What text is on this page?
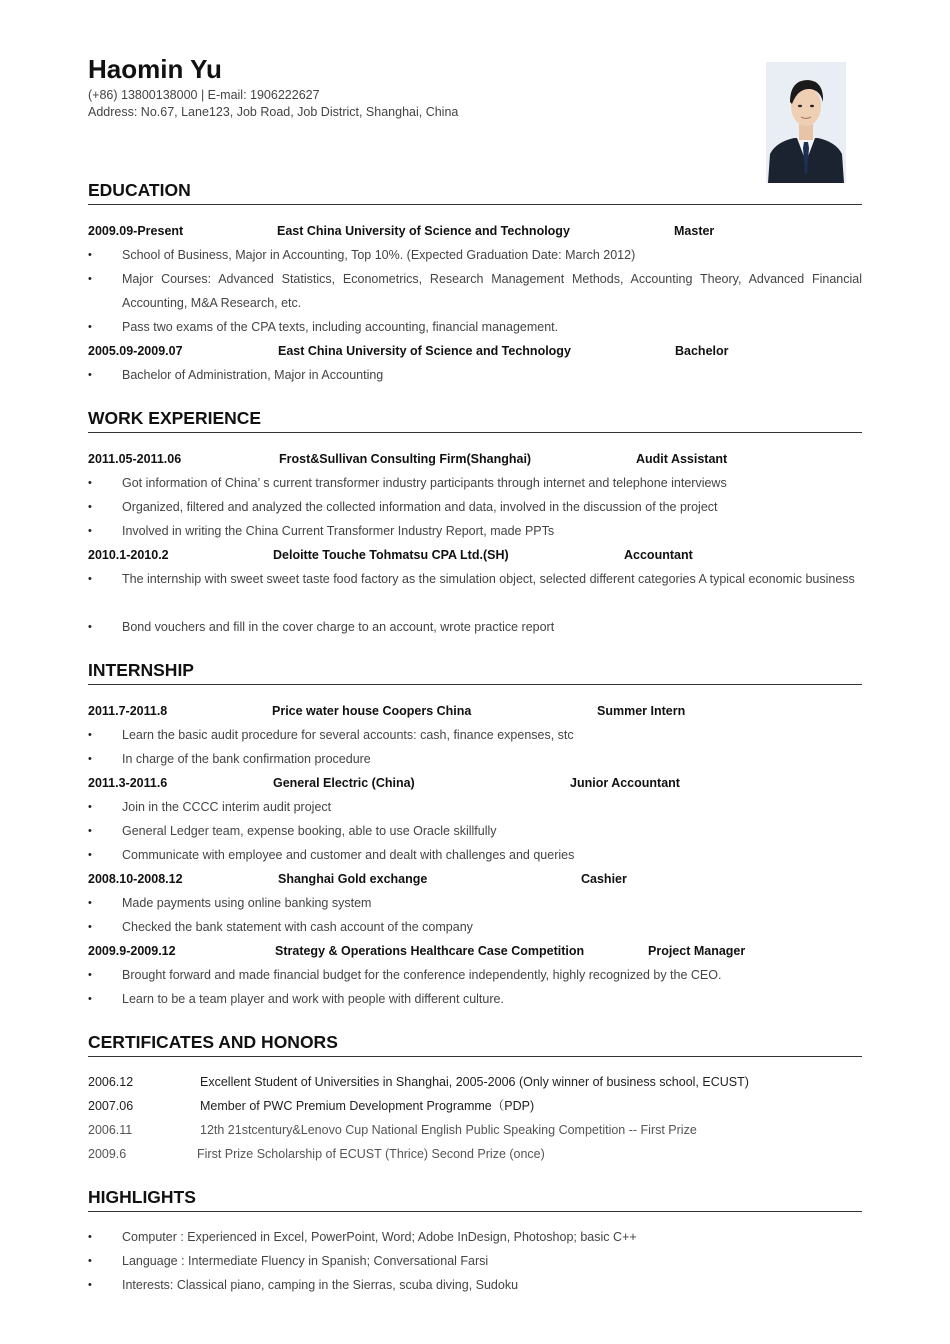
Haomin Yu
(+86) 13800138000 | E-mail: 1906222627
Address: No.67, Lane123, Job Road, Job District, Shanghai, China
EDUCATION
2009.09-Present	East China University of Science and Technology	Master
• School of Business, Major in Accounting, Top 10%. (Expected Graduation Date: March 2012)
• Major Courses: Advanced Statistics, Econometrics, Research Management Methods, Accounting Theory, Advanced Financial Accounting, M&A Research, etc.
• Pass two exams of the CPA texts, including accounting, financial management.
2005.09-2009.07	East China University of Science and Technology	Bachelor
• Bachelor of Administration, Major in Accounting
WORK EXPERIENCE
2011.05-2011.06	Frost&Sullivan Consulting Firm(Shanghai)	Audit Assistant
• Got information of China’ s current transformer industry participants through internet and telephone interviews
• Organized, filtered and analyzed the collected information and data, involved in the discussion of the project
• Involved in writing the China Current Transformer Industry Report, made PPTs
2010.1-2010.2	Deloitte Touche Tohmatsu CPA Ltd.(SH)	Accountant
• The internship with sweet sweet taste food factory as the simulation object, selected different categories A typical economic business
• Bond vouchers and fill in the cover charge to an account, wrote practice report
INTERNSHIP
2011.7-2011.8	Price water house Coopers China	Summer Intern
• Learn the basic audit procedure for several accounts: cash, finance expenses, stc
• In charge of the bank confirmation procedure
2011.3-2011.6	General Electric (China)	Junior Accountant
• Join in the CCCC interim audit project
• General Ledger team, expense booking, able to use Oracle skillfully
• Communicate with employee and customer and dealt with challenges and queries
2008.10-2008.12	Shanghai Gold exchange	Cashier
• Made payments using online banking system
• Checked the bank statement with cash account of the company
2009.9-2009.12	Strategy & Operations Healthcare Case Competition	Project Manager
• Brought forward and made financial budget for the conference independently, highly recognized by the CEO.
• Learn to be a team player and work with people with different culture.
CERTIFICATES AND HONORS
2006.12	Excellent Student of Universities in Shanghai, 2005-2006 (Only winner of business school, ECUST)
2007.06	Member of PWC Premium Development Programme（PDP)
2006.11	12th 21stcentury&Lenovo Cup National English Public Speaking Competition -- First Prize
2009.6	First Prize Scholarship of ECUST (Thrice) Second Prize (once)
HIGHLIGHTS
• Computer : Experienced in Excel, PowerPoint, Word; Adobe InDesign, Photoshop; basic C++
• Language : Intermediate Fluency in Spanish; Conversational Farsi
• Interests: Classical piano, camping in the Sierras, scuba diving, Sudoku
